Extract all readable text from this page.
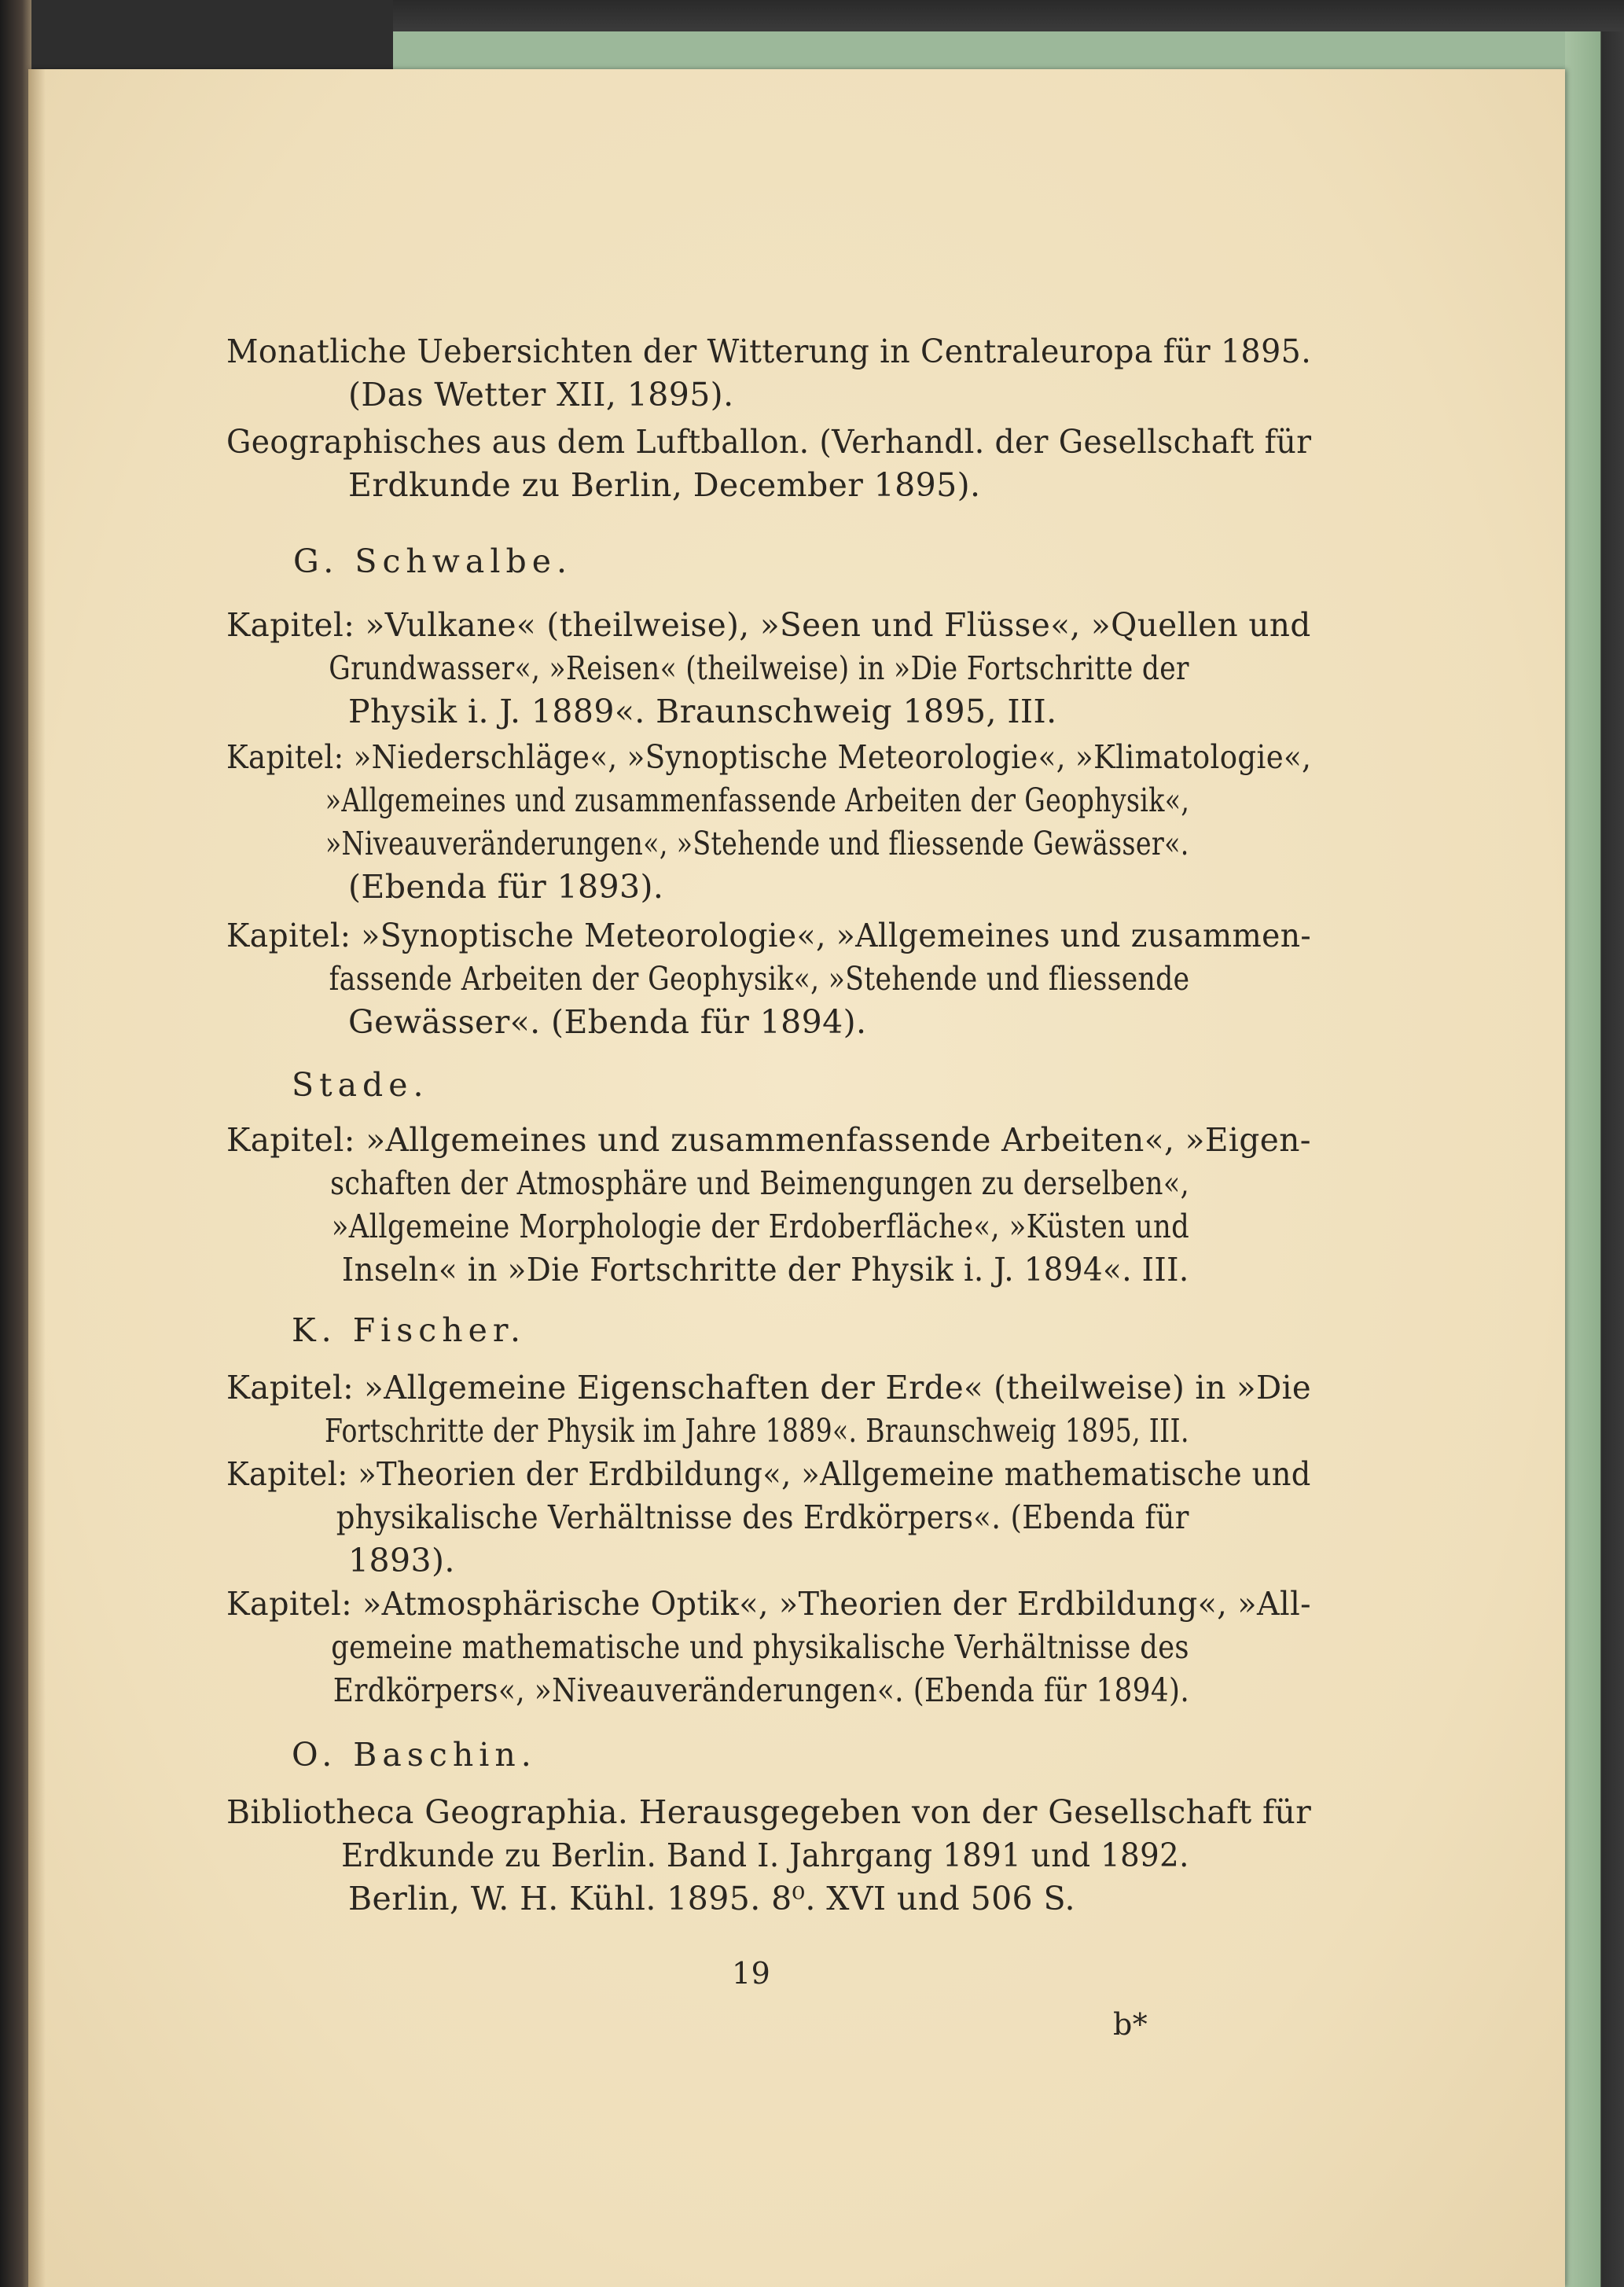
Monatliche Uebersichten der Witterung in Centraleuropa für 1895.
(Das Wetter XII, 1895).
Geographisches aus dem Luftballon. (Verhandl. der Gesellschaft für
Erdkunde zu Berlin, December 1895).
G. Schwalbe.
Kapitel: »Vulkane« (theilweise), »Seen und Flüsse«, »Quellen und
Grundwasser«, »Reisen« (theilweise) in »Die Fortschritte der
Physik i. J. 1889«. Braunschweig 1895, III.
Kapitel: »Niederschläge«, »Synoptische Meteorologie«, »Klimatologie«,
»Allgemeines und zusammenfassende Arbeiten der Geophysik«,
»Niveauveränderungen«, »Stehende und fliessende Gewässer«.
(Ebenda für 1893).
Kapitel: »Synoptische Meteorologie«, »Allgemeines und zusammen-
fassende Arbeiten der Geophysik«, »Stehende und fliessende
Gewässer«. (Ebenda für 1894).
Stade.
Kapitel: »Allgemeines und zusammenfassende Arbeiten«, »Eigen-
schaften der Atmosphäre und Beimengungen zu derselben«,
»Allgemeine Morphologie der Erdoberfläche«, »Küsten und
Inseln« in »Die Fortschritte der Physik i. J. 1894«. III.
K. Fischer.
Kapitel: »Allgemeine Eigenschaften der Erde« (theilweise) in »Die
Fortschritte der Physik im Jahre 1889«. Braunschweig 1895, III.
Kapitel: »Theorien der Erdbildung«, »Allgemeine mathematische und
physikalische Verhältnisse des Erdkörpers«. (Ebenda für
1893).
Kapitel: »Atmosphärische Optik«, »Theorien der Erdbildung«, »All-
gemeine mathematische und physikalische Verhältnisse des
Erdkörpers«, »Niveauveränderungen«. (Ebenda für 1894).
O. Baschin.
Bibliotheca Geographia. Herausgegeben von der Gesellschaft für
Erdkunde zu Berlin. Band I. Jahrgang 1891 und 1892.
Berlin, W. H. Kühl. 1895. 8⁰. XVI und 506 S.
19
b*
